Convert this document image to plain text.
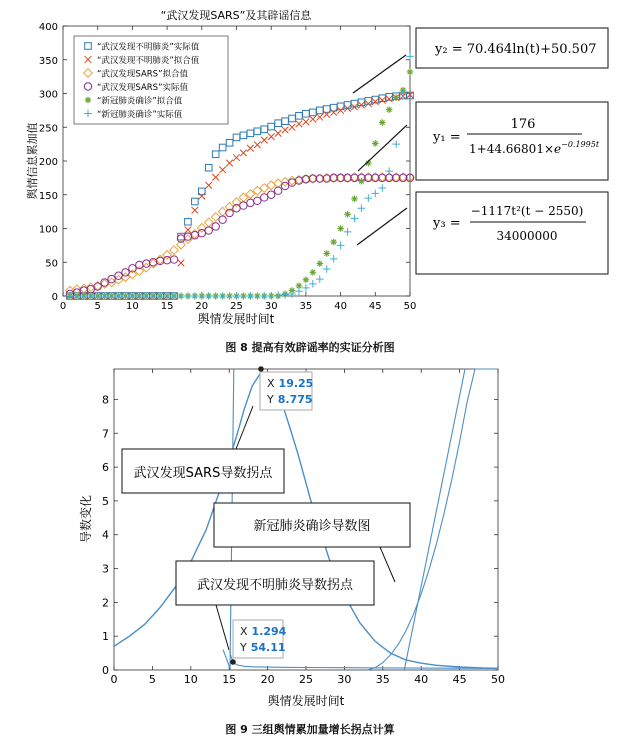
“武汉发现SARS”及其辟谣信息
0	5	10 15 20 25 30 35 40 45 50
0
50
100
150
200
250
300
350
400
舆情发展时间t
舆情信息累加值
“武汉发现不明肺炎”实际值
“武汉发现不明肺炎”拟合值
“武汉发现SARS”拟合值
“武汉发现SARS”实际值
“新冠肺炎确诊”拟合值
“新冠肺炎确诊”实际值
y₂ = 70.464ln(t)+50.507
y₁ =
176
$1+44.66801\times e^{-0.1995t}$
y₃ =
−1117t²(t − 2550)
34000000
0	5	10 15 20 25 30 35 40 45 50
0
1
2
3
4
5
6
7
8
舆情发展时间t
导数变化
武汉发现SARS导数拐点
新冠肺炎确诊导数图
武汉发现不明肺炎导数拐点
X 19.25
Y 8.775
X 1.294
Y 54.11
图 8 提高有效辟谣率的实证分析图
图 9 三组舆情累加量增长拐点计算
